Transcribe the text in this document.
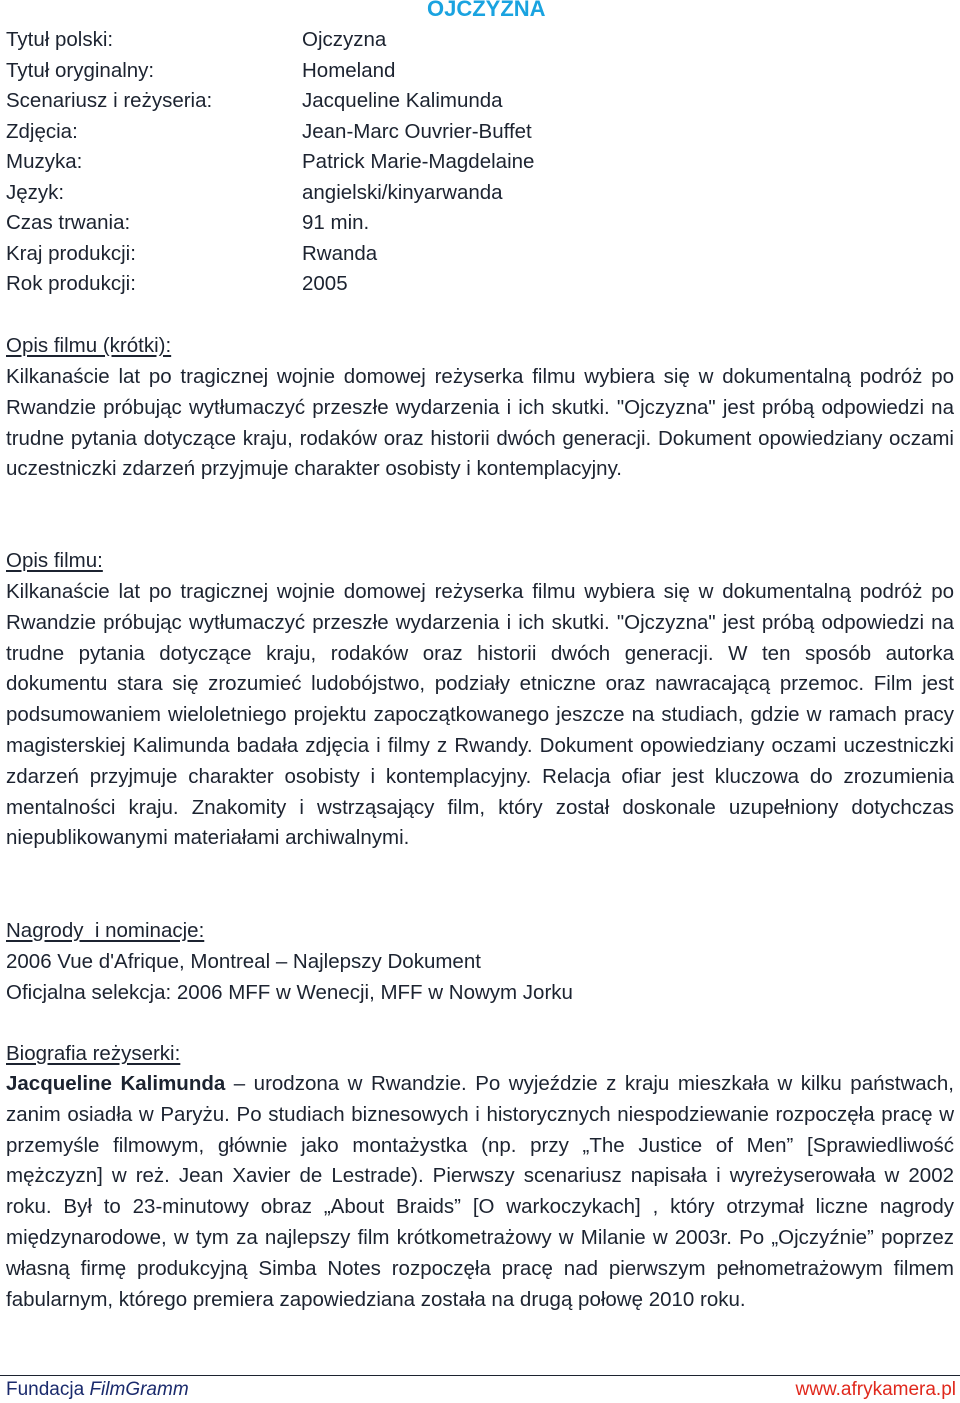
OJCZYZNA
Tytuł polski:	Ojczyzna
Tytuł oryginalny:	Homeland
Scenariusz i reżyseria:	Jacqueline Kalimunda
Zdjęcia:	Jean-Marc Ouvrier-Buffet
Muzyka:	Patrick Marie-Magdelaine
Język:	angielski/kinyarwanda
Czas trwania:	91 min.
Kraj produkcji:	Rwanda
Rok produkcji:	2005
Opis filmu (krótki):
Kilkanaście lat po tragicznej wojnie domowej reżyserka filmu wybiera się w dokumentalną podróż po Rwandzie próbując wytłumaczyć przeszłe wydarzenia i ich skutki. "Ojczyzna" jest próbą odpowiedzi na trudne pytania dotyczące kraju, rodaków oraz historii dwóch generacji. Dokument opowiedziany oczami uczestniczki zdarzeń przyjmuje charakter osobisty i kontemplacyjny.
Opis filmu:
Kilkanaście lat po tragicznej wojnie domowej reżyserka filmu wybiera się w dokumentalną podróż po Rwandzie próbując wytłumaczyć przeszłe wydarzenia i ich skutki. "Ojczyzna" jest próbą odpowiedzi na trudne pytania dotyczące kraju, rodaków oraz historii dwóch generacji. W ten sposób autorka dokumentu stara się zrozumieć ludobójstwo, podziały etniczne oraz nawracającą przemoc. Film jest podsumowaniem wieloletniego projektu zapoczątkowanego jeszcze na studiach, gdzie w ramach pracy magisterskiej Kalimunda badała zdjęcia i filmy z Rwandy. Dokument opowiedziany oczami uczestniczki zdarzeń przyjmuje charakter osobisty i kontemplacyjny. Relacja ofiar jest kluczowa do zrozumienia mentalności kraju. Znakomity i wstrząsający film, który został doskonale uzupełniony dotychczas niepublikowanymi materiałami archiwalnymi.
Nagrody  i nominacje:
2006 Vue d'Afrique, Montreal – Najlepszy Dokument
Oficjalna selekcja: 2006 MFF w Wenecji, MFF w Nowym Jorku
Biografia reżyserki:
Jacqueline Kalimunda – urodzona w Rwandzie. Po wyjeździe z kraju mieszkała w kilku państwach, zanim osiadła w Paryżu. Po studiach biznesowych i historycznych niespodziewanie rozpoczęła pracę w przemyśle filmowym, głównie jako montażystka (np. przy „The Justice of Men” [Sprawiedliwość mężczyzn] w reż. Jean Xavier de Lestrade). Pierwszy scenariusz napisała i wyreżyserowała w 2002 roku. Był to 23-minutowy obraz „About Braids” [O warkoczykach] , który otrzymał liczne nagrody międzynarodowe, w tym za najlepszy film krótkometrażowy w Milanie w 2003r. Po „Ojczyźnie” poprzez własną firmę produkcyjną Simba Notes rozpoczęła pracę nad pierwszym pełnometrażowym filmem fabularnym, którego premiera zapowiedziana została na drugą połowę 2010 roku.
Fundacja FilmGramm	www.afrykamera.pl
